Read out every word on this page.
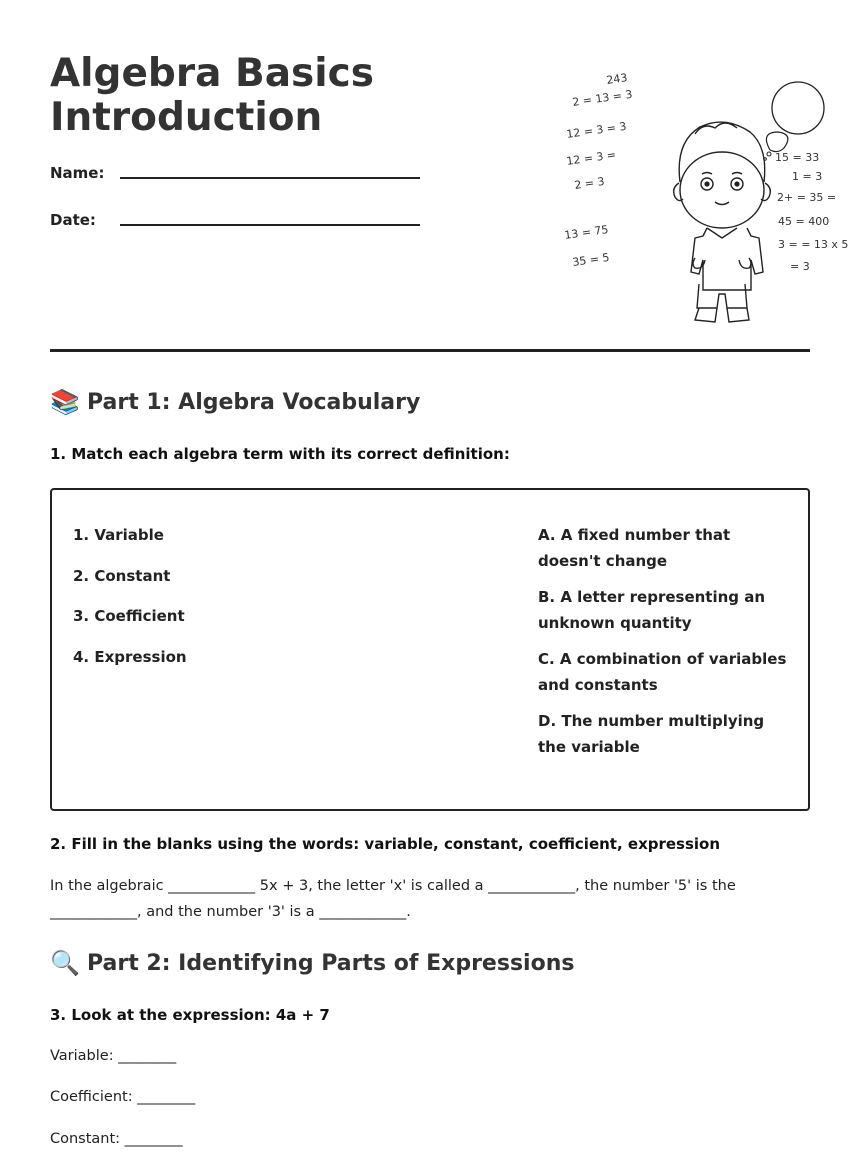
Algebra Basics Introduction
Name:
Date:
243
2 = 13 = 3
12 = 3 = 3
12 = 3 =
2 = 3
13 = 75
35 = 5
15 = 33
1 = 3
2+ = 35 =
45 = 400
3 = = 13 x 5
= 3
📚 Part 1: Algebra Vocabulary
1. Match each algebra term with its correct definition:
1. Variable
2. Constant
3. Coefficient
4. Expression
A. A fixed number that doesn't change
B. A letter representing an unknown quantity
C. A combination of variables and constants
D. The number multiplying the variable
2. Fill in the blanks using the words: variable, constant, coefficient, expression
In the algebraic ____________ 5x + 3, the letter 'x' is called a ____________, the number '5' is the ____________, and the number '3' is a ____________.
🔍 Part 2: Identifying Parts of Expressions
3. Look at the expression: 4a + 7
Variable: ________
Coefficient: ________
Constant: ________
